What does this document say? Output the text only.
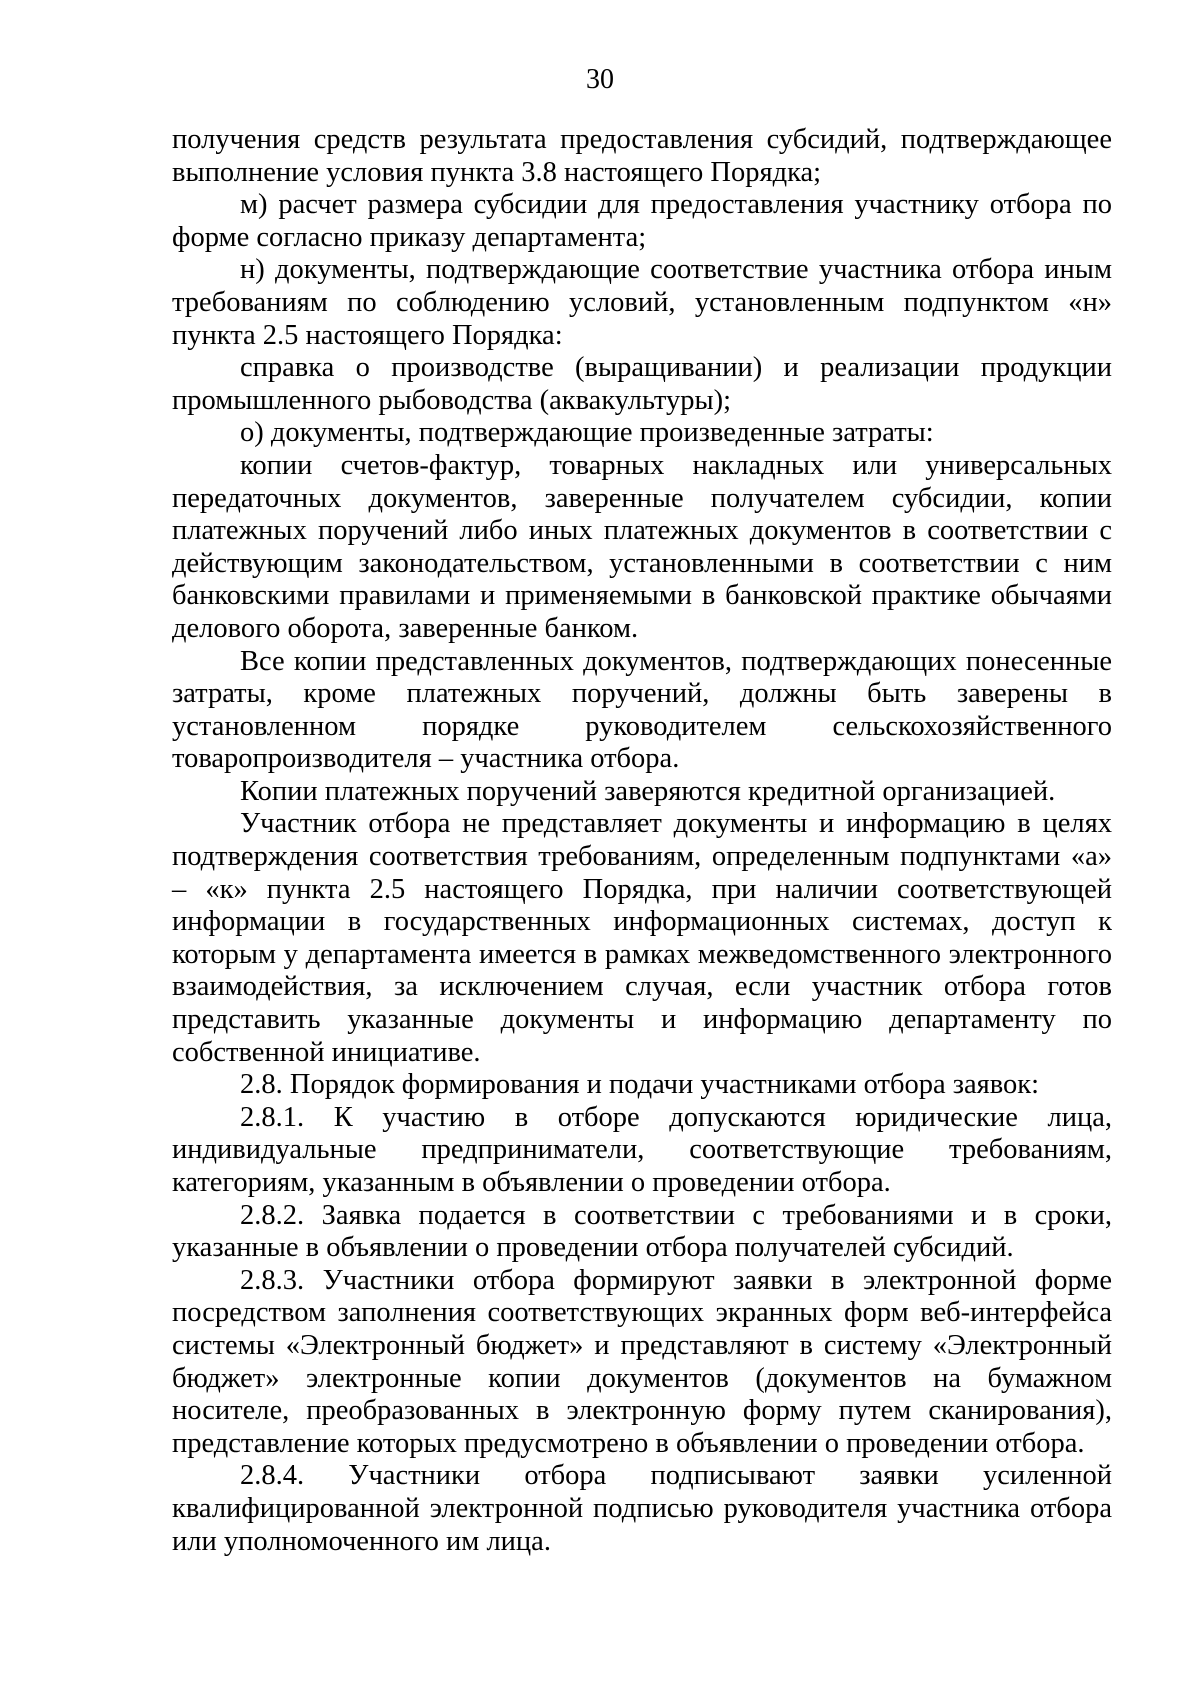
30

получения средств результата предоставления субсидий, подтверждающее выполнение условия пункта 3.8 настоящего Порядка;

м) расчет размера субсидии для предоставления участнику отбора по форме согласно приказу департамента;

н) документы, подтверждающие соответствие участника отбора иным требованиям по соблюдению условий, установленным подпунктом «н» пункта 2.5 настоящего Порядка:

справка о производстве (выращивании) и реализации продукции промышленного рыбоводства (аквакультуры);

о) документы, подтверждающие произведенные затраты:

копии счетов-фактур, товарных накладных или универсальных передаточных документов, заверенные получателем субсидии, копии платежных поручений либо иных платежных документов в соответствии с действующим законодательством, установленными в соответствии с ним банковскими правилами и применяемыми в банковской практике обычаями делового оборота, заверенные банком.

Все копии представленных документов, подтверждающих понесенные затраты, кроме платежных поручений, должны быть заверены в установленном порядке руководителем сельскохозяйственного товаропроизводителя – участника отбора.

Копии платежных поручений заверяются кредитной организацией.

Участник отбора не представляет документы и информацию в целях подтверждения соответствия требованиям, определенным подпунктами «а» – «к» пункта 2.5 настоящего Порядка, при наличии соответствующей информации в государственных информационных системах, доступ к которым у департамента имеется в рамках межведомственного электронного взаимодействия, за исключением случая, если участник отбора готов представить указанные документы и информацию департаменту по собственной инициативе.

2.8. Порядок формирования и подачи участниками отбора заявок:

2.8.1. К участию в отборе допускаются юридические лица, индивидуальные предприниматели, соответствующие требованиям, категориям, указанным в объявлении о проведении отбора.

2.8.2. Заявка подается в соответствии с требованиями и в сроки, указанные в объявлении о проведении отбора получателей субсидий.

2.8.3. Участники отбора формируют заявки в электронной форме посредством заполнения соответствующих экранных форм веб-интерфейса системы «Электронный бюджет» и представляют в систему «Электронный бюджет» электронные копии документов (документов на бумажном носителе, преобразованных в электронную форму путем сканирования), представление которых предусмотрено в объявлении о проведении отбора.

2.8.4. Участники отбора подписывают заявки усиленной квалифицированной электронной подписью руководителя участника отбора или уполномоченного им лица.
